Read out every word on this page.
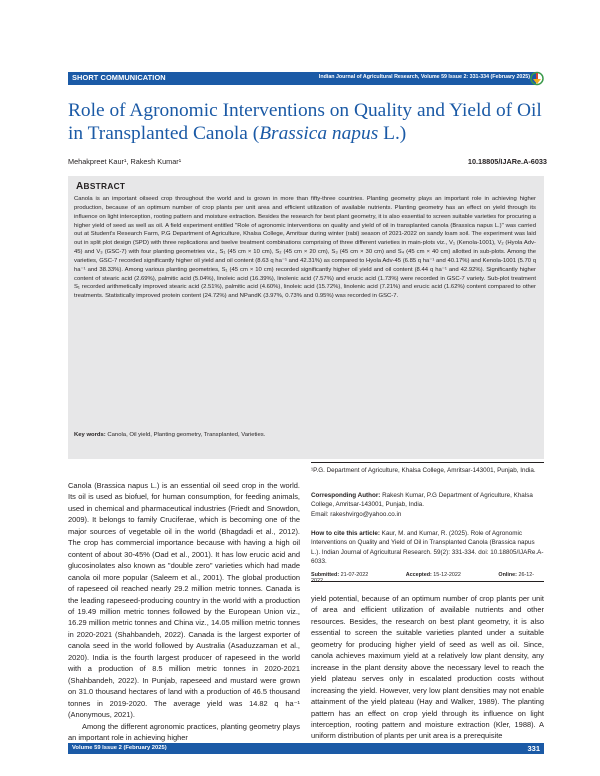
SHORT COMMUNICATION	Indian Journal of Agricultural Research, Volume 59 Issue 2: 331-334 (February 2025)
Role of Agronomic Interventions on Quality and Yield of Oil in Transplanted Canola (Brassica napus L.)
Mehakpreet Kaur¹, Rakesh Kumar¹	10.18805/IJARe.A-6033
ABSTRACT

Canola is an important oilseed crop throughout the world and is grown in more than fifty-three countries. Planting geometry plays an important role in achieving higher production, because of an optimum number of crop plants per unit area and efficient utilization of available nutrients. Planting geometry has an effect on yield through its influence on light interception, rooting pattern and moisture extraction. Besides the research for best plant geometry, it is also essential to screen suitable varieties for procuring a higher yield of seed as well as oil. A field experiment entitled "Role of agronomic interventions on quality and yield of oil in transplanted canola (Brassica napus L.)" was carried out at Student's Research Farm, P.G Department of Agriculture, Khalsa College, Amritsar during winter (rabi) season of 2021-2022 on sandy loam soil. The experiment was laid out in split plot design (SPD) with three replications and twelve treatment combinations comprising of three different varieties in main-plots viz., V₁ (Kenola-1001), V₂ (Hyola Adv-45) and V₃ (GSC-7) with four planting geometries viz., S₁ (45 cm × 10 cm), S₂ (45 cm × 20 cm), S₃ (45 cm × 30 cm) and S₄ (45 cm × 40 cm) allotted in sub-plots. Among the varieties, GSC-7 recorded significantly higher oil yield and oil content (8.63 q ha⁻¹ and 42.31%) as compared to Hyola Adv-45 (6.85 q ha⁻¹ and 40.17%) and Kenola-1001 (5.70 q ha⁻¹ and 38.33%). Among various planting geometries, S₁ (45 cm × 10 cm) recorded significantly higher oil yield and oil content (8.44 q ha⁻¹ and 42.92%). Significantly higher content of stearic acid (2.69%), palmitic acid (5.04%), linoleic acid (16.39%), linolenic acid (7.57%) and erucic acid (1.73%) were recorded in GSC-7 variety. Sub-plot treatment S₁ recorded arithmetically improved stearic acid (2.51%), palmitic acid (4.60%), linoleic acid (15.72%), linolenic acid (7.21%) and erucic acid (1.62%) content compared to other treatments. Statistically improved protein content (24.72%) and NPandK (3.97%, 0.73% and 0.95%) was recorded in GSC-7.

Key words: Canola, Oil yield, Planting geometry, Transplanted, Varieties.

Canola (Brassica napus L.) is an essential oil seed crop in the world. Its oil is used as biofuel, for human consumption, for feeding animals, used in chemical and pharmaceutical industries (Friedt and Snowdon, 2009). It belongs to family Cruciferae, which is becoming one of the major sources of vegetable oil in the world (Bhagdadi et al., 2012). The crop has commercial importance because with having a high oil content of about 30-45% (Oad et al., 2001). It has low erucic acid and glucosinolates also known as "double zero" varieties which had made canola oil more popular (Saleem et al., 2001). The global production of rapeseed oil reached nearly 29.2 million metric tonnes. Canada is the leading rapeseed-producing country in the world with a production of 19.49 million metric tonnes followed by the European Union viz., 16.29 million metric tonnes and China viz., 14.05 million metric tonnes in 2020-2021 (Shahbandeh, 2022). Canada is the largest exporter of canola seed in the world followed by Australia (Asaduzzaman et al., 2020). India is the fourth largest producer of rapeseed in the world with a production of 8.5 million metric tonnes in 2020-2021 (Shahbandeh, 2022). In Punjab, rapeseed and mustard were grown on 31.0 thousand hectares of land with a production of 46.5 thousand tonnes in 2019-2020. The average yield was 14.82 q ha⁻¹ (Anonymous, 2021).
Among the different agronomic practices, planting geometry plays an important role in achieving higher

¹P.G. Department of Agriculture, Khalsa College, Amritsar-143001, Punjab, India.

Corresponding Author: Rakesh Kumar, P.G Department of Agriculture, Khalsa College, Amritsar-143001, Punjab, India.
Email: rakeshvirgo@yahoo.co.in

How to cite this article: Kaur, M. and Kumar, R. (2025). Role of Agronomic Interventions on Quality and Yield of Oil in Transplanted Canola (Brassica napus L.). Indian Journal of Agricultural Research. 59(2): 331-334. doi: 10.18805/IJARe.A-6033.

Submitted: 21-07-2022	Accepted: 15-12-2022	Online: 26-12-2022

yield potential, because of an optimum number of crop plants per unit of area and efficient utilization of available nutrients and other resources. Besides, the research on best plant geometry, it is also essential to screen the suitable varieties planted under a suitable geometry for producing higher yield of seed as well as oil. Since, canola achieves maximum yield at a relatively low plant density, any increase in the plant density above the necessary level to reach the yield plateau serves only in escalated production costs without increasing the yield. However, very low plant densities may not enable attainment of the yield plateau (Hay and Walker, 1989). The planting pattern has an effect on crop yield through its influence on light interception, rooting pattern and moisture extraction (Kler, 1988). A uniform distribution of plants per unit area is a prerequisite

Volume 59 Issue 2 (February 2025)	331
